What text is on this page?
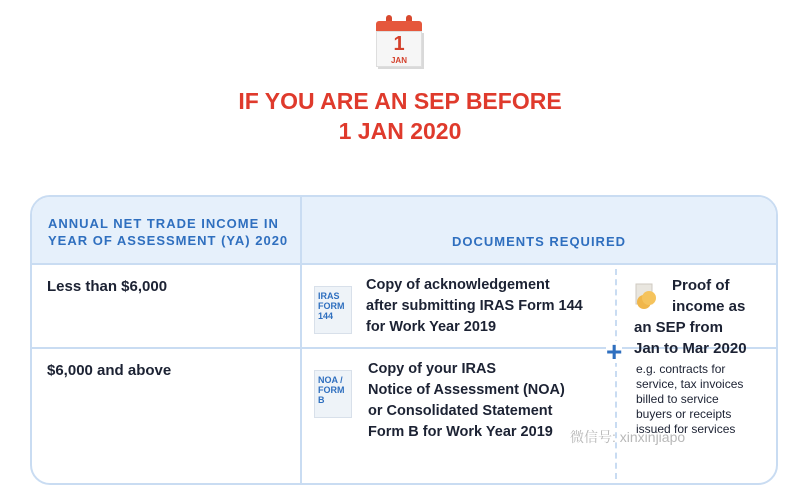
1
JAN
IF YOU ARE AN SEP BEFORE
1 JAN 2020
ANNUAL NET TRADE INCOME IN
YEAR OF ASSESSMENT (YA) 2020	DOCUMENTS REQUIRED
Less than $6,000
IRAS
FORM
144
Copy of acknowledgement
after submitting IRAS Form 144
for Work Year 2019
$6,000 and above
NOA /
FORM
B
Copy of your IRAS
Notice of Assessment (NOA)
or Consolidated Statement
Form B for Work Year 2019
+
Proof of
income as
an SEP from
Jan to Mar 2020
e.g. contracts for
service, tax invoices
billed to service
buyers or receipts
issued for services
微信号: xinxinjiapo
